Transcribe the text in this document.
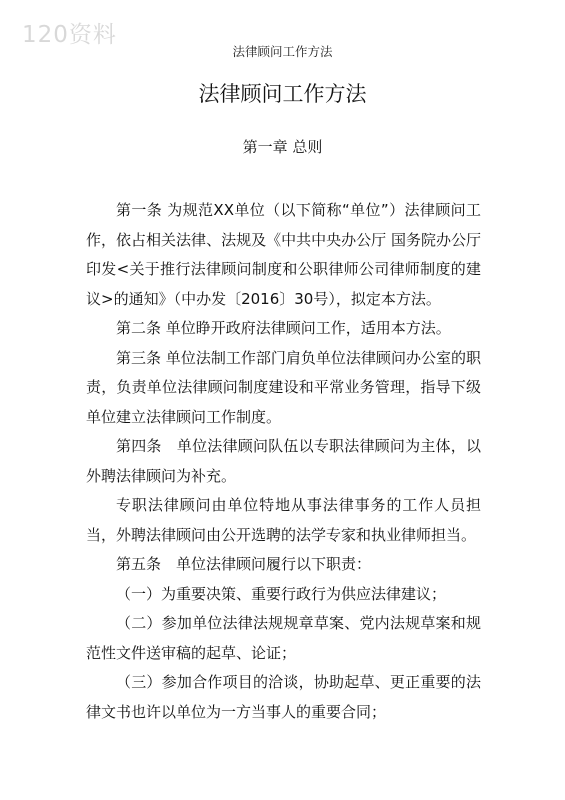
120资料
法律顾问工作方法
法律顾问工作方法
第一章 总则

第一条 为规范XX单位（以下简称“单位”）法律顾问工作，依占相关法律、法规及《中共中央办公厅 国务院办公厅印发<关于推行法律顾问制度和公职律师公司律师制度的建议>的通知》（中办发〔2016〕30号），拟定本方法。

第二条 单位睁开政府法律顾问工作，适用本方法。

第三条 单位法制工作部门肩负单位法律顾问办公室的职责，负责单位法律顾问制度建设和平常业务管理，指导下级单位建立法律顾问工作制度。

第四条　单位法律顾问队伍以专职法律顾问为主体，以外聘法律顾问为补充。

专职法律顾问由单位特地从事法律事务的工作人员担当，外聘法律顾问由公开选聘的法学专家和执业律师担当。

第五条　单位法律顾问履行以下职责：

（一）为重要决策、重要行政行为供应法律建议；

（二）参加单位法律法规规章草案、党内法规草案和规范性文件送审稿的起草、论证；

（三）参加合作项目的洽谈，协助起草、更正重要的法律文书也许以单位为一方当事人的重要合同；
